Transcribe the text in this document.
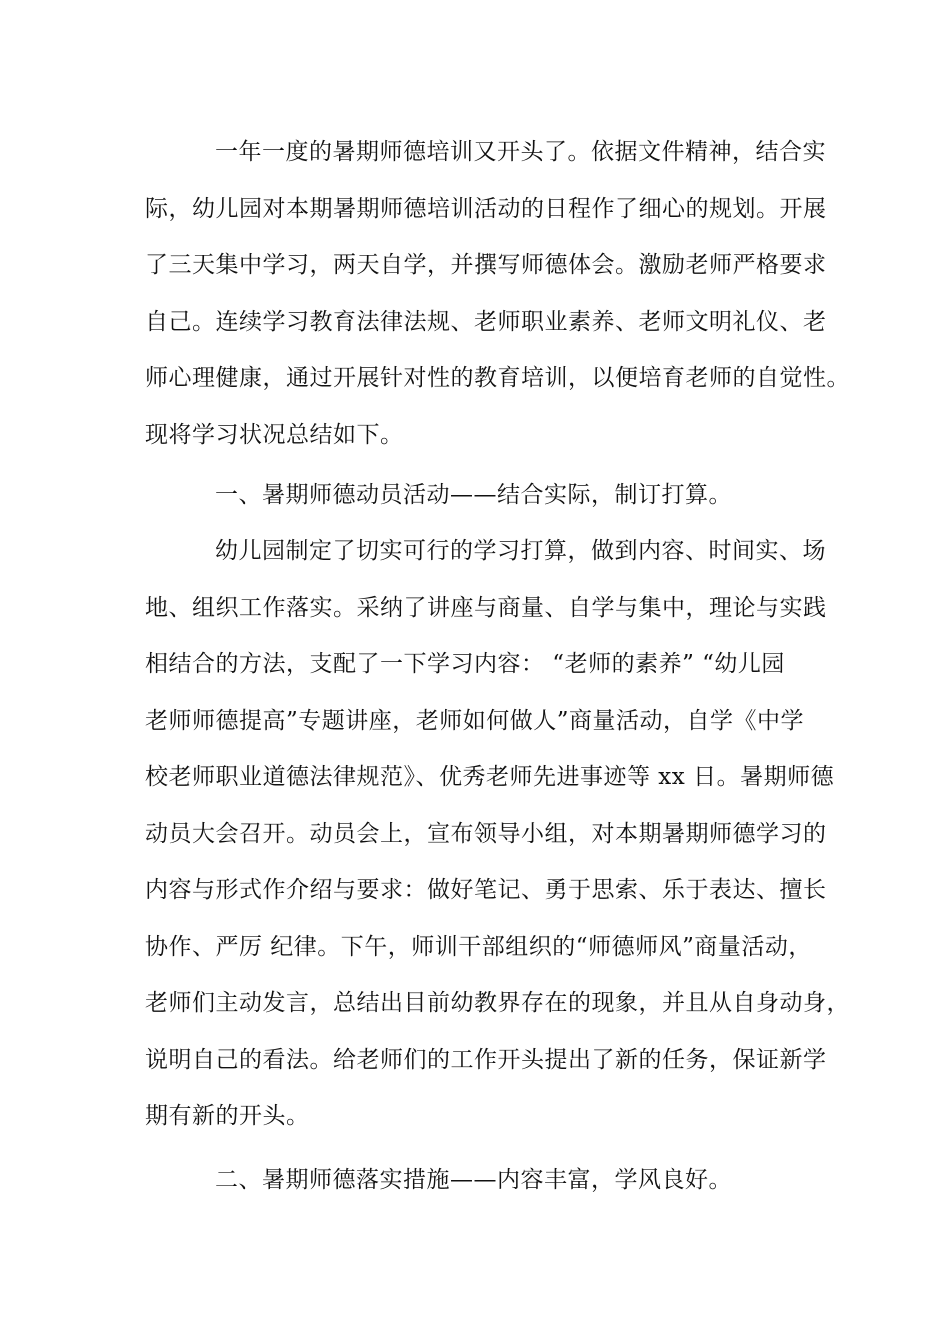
一年一度的暑期师德培训又开头了。依据文件精神，结合实
际，幼儿园对本期暑期师德培训活动的日程作了细心的规划。开展
了三天集中学习，两天自学，并撰写师德体会。激励老师严格要求
自己。连续学习教育法律法规、老师职业素养、老师文明礼仪、老
师心理健康，通过开展针对性的教育培训，以便培育老师的自觉性。
现将学习状况总结如下。
一、暑期师德动员活动——结合实际，制订打算。
幼儿园制定了切实可行的学习打算，做到内容、时间实、场
地、组织工作落实。采纳了讲座与商量、自学与集中，理论与实践
相结合的方法，支配了一下学习内容： “老师的素养” “幼儿园
老师师德提高”专题讲座，老师如何做人”商量活动，自学《中学
校老师职业道德法律规范》、优秀老师先进事迹等 xx 日。暑期师德
动员大会召开。动员会上，宣布领导小组，对本期暑期师德学习的
内容与形式作介绍与要求：做好笔记、勇于思索、乐于表达、擅长
协作、严厉 纪律。下午，师训干部组织的“师德师风”商量活动，
老师们主动发言，总结出目前幼教界存在的现象，并且从自身动身，
说明自己的看法。给老师们的工作开头提出了新的任务，保证新学
期有新的开头。
二、暑期师德落实措施——内容丰富，学风良好。
